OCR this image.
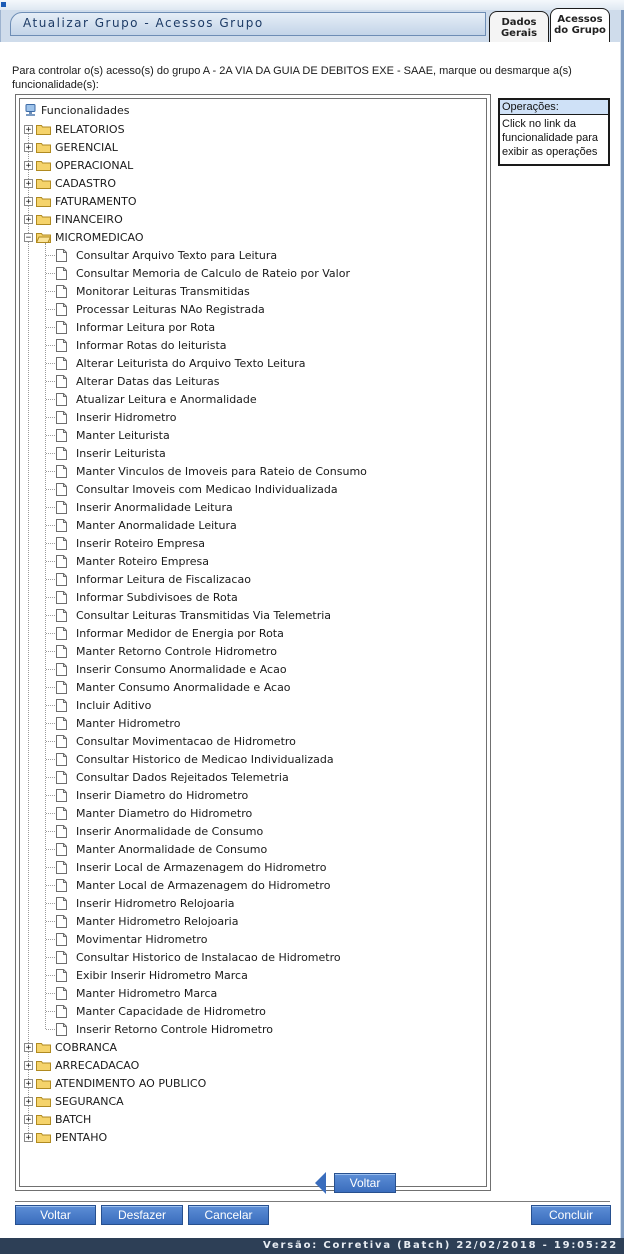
Atualizar Grupo - Acessos Grupo	Dados
Gerais
Acessos
do Grupo
Para controlar o(s) acesso(s) do grupo A - 2A VIA DA GUIA DE DEBITOS EXE - SAAE, marque ou desmarque a(s) funcionalidade(s):
Funcionalidades
+ RELATORIOS
+ GERENCIAL
+ OPERACIONAL
+ CADASTRO
+ FATURAMENTO
+ FINANCEIRO
− MICROMEDICAO
Consultar Arquivo Texto para Leitura
Consultar Memoria de Calculo de Rateio por Valor
Monitorar Leituras Transmitidas
Processar Leituras NAo Registrada
Informar Leitura por Rota
Informar Rotas do leiturista
Alterar Leiturista do Arquivo Texto Leitura
Alterar Datas das Leituras
Atualizar Leitura e Anormalidade
Inserir Hidrometro
Manter Leiturista
Inserir Leiturista
Manter Vinculos de Imoveis para Rateio de Consumo
Consultar Imoveis com Medicao Individualizada
Inserir Anormalidade Leitura
Manter Anormalidade Leitura
Inserir Roteiro Empresa
Manter Roteiro Empresa
Informar Leitura de Fiscalizacao
Informar Subdivisoes de Rota
Consultar Leituras Transmitidas Via Telemetria
Informar Medidor de Energia por Rota
Manter Retorno Controle Hidrometro
Inserir Consumo Anormalidade e Acao
Manter Consumo Anormalidade e Acao
Incluir Aditivo
Manter Hidrometro
Consultar Movimentacao de Hidrometro
Consultar Historico de Medicao Individualizada
Consultar Dados Rejeitados Telemetria
Inserir Diametro do Hidrometro
Manter Diametro do Hidrometro
Inserir Anormalidade de Consumo
Manter Anormalidade de Consumo
Inserir Local de Armazenagem do Hidrometro
Manter Local de Armazenagem do Hidrometro
Inserir Hidrometro Relojoaria
Manter Hidrometro Relojoaria
Movimentar Hidrometro
Consultar Historico de Instalacao de Hidrometro
Exibir Inserir Hidrometro Marca
Manter Hidrometro Marca
Manter Capacidade de Hidrometro
Inserir Retorno Controle Hidrometro
+ COBRANCA
+ ARRECADACAO
+ ATENDIMENTO AO PUBLICO
+ SEGURANCA
+ BATCH
+ PENTAHO
Operações:
Click no link da funcionalidade para exibir as operações
Voltar
Voltar	Desfazer	Cancelar	Concluir
Versão: Corretiva (Batch) 22/02/2018 - 19:05:22
